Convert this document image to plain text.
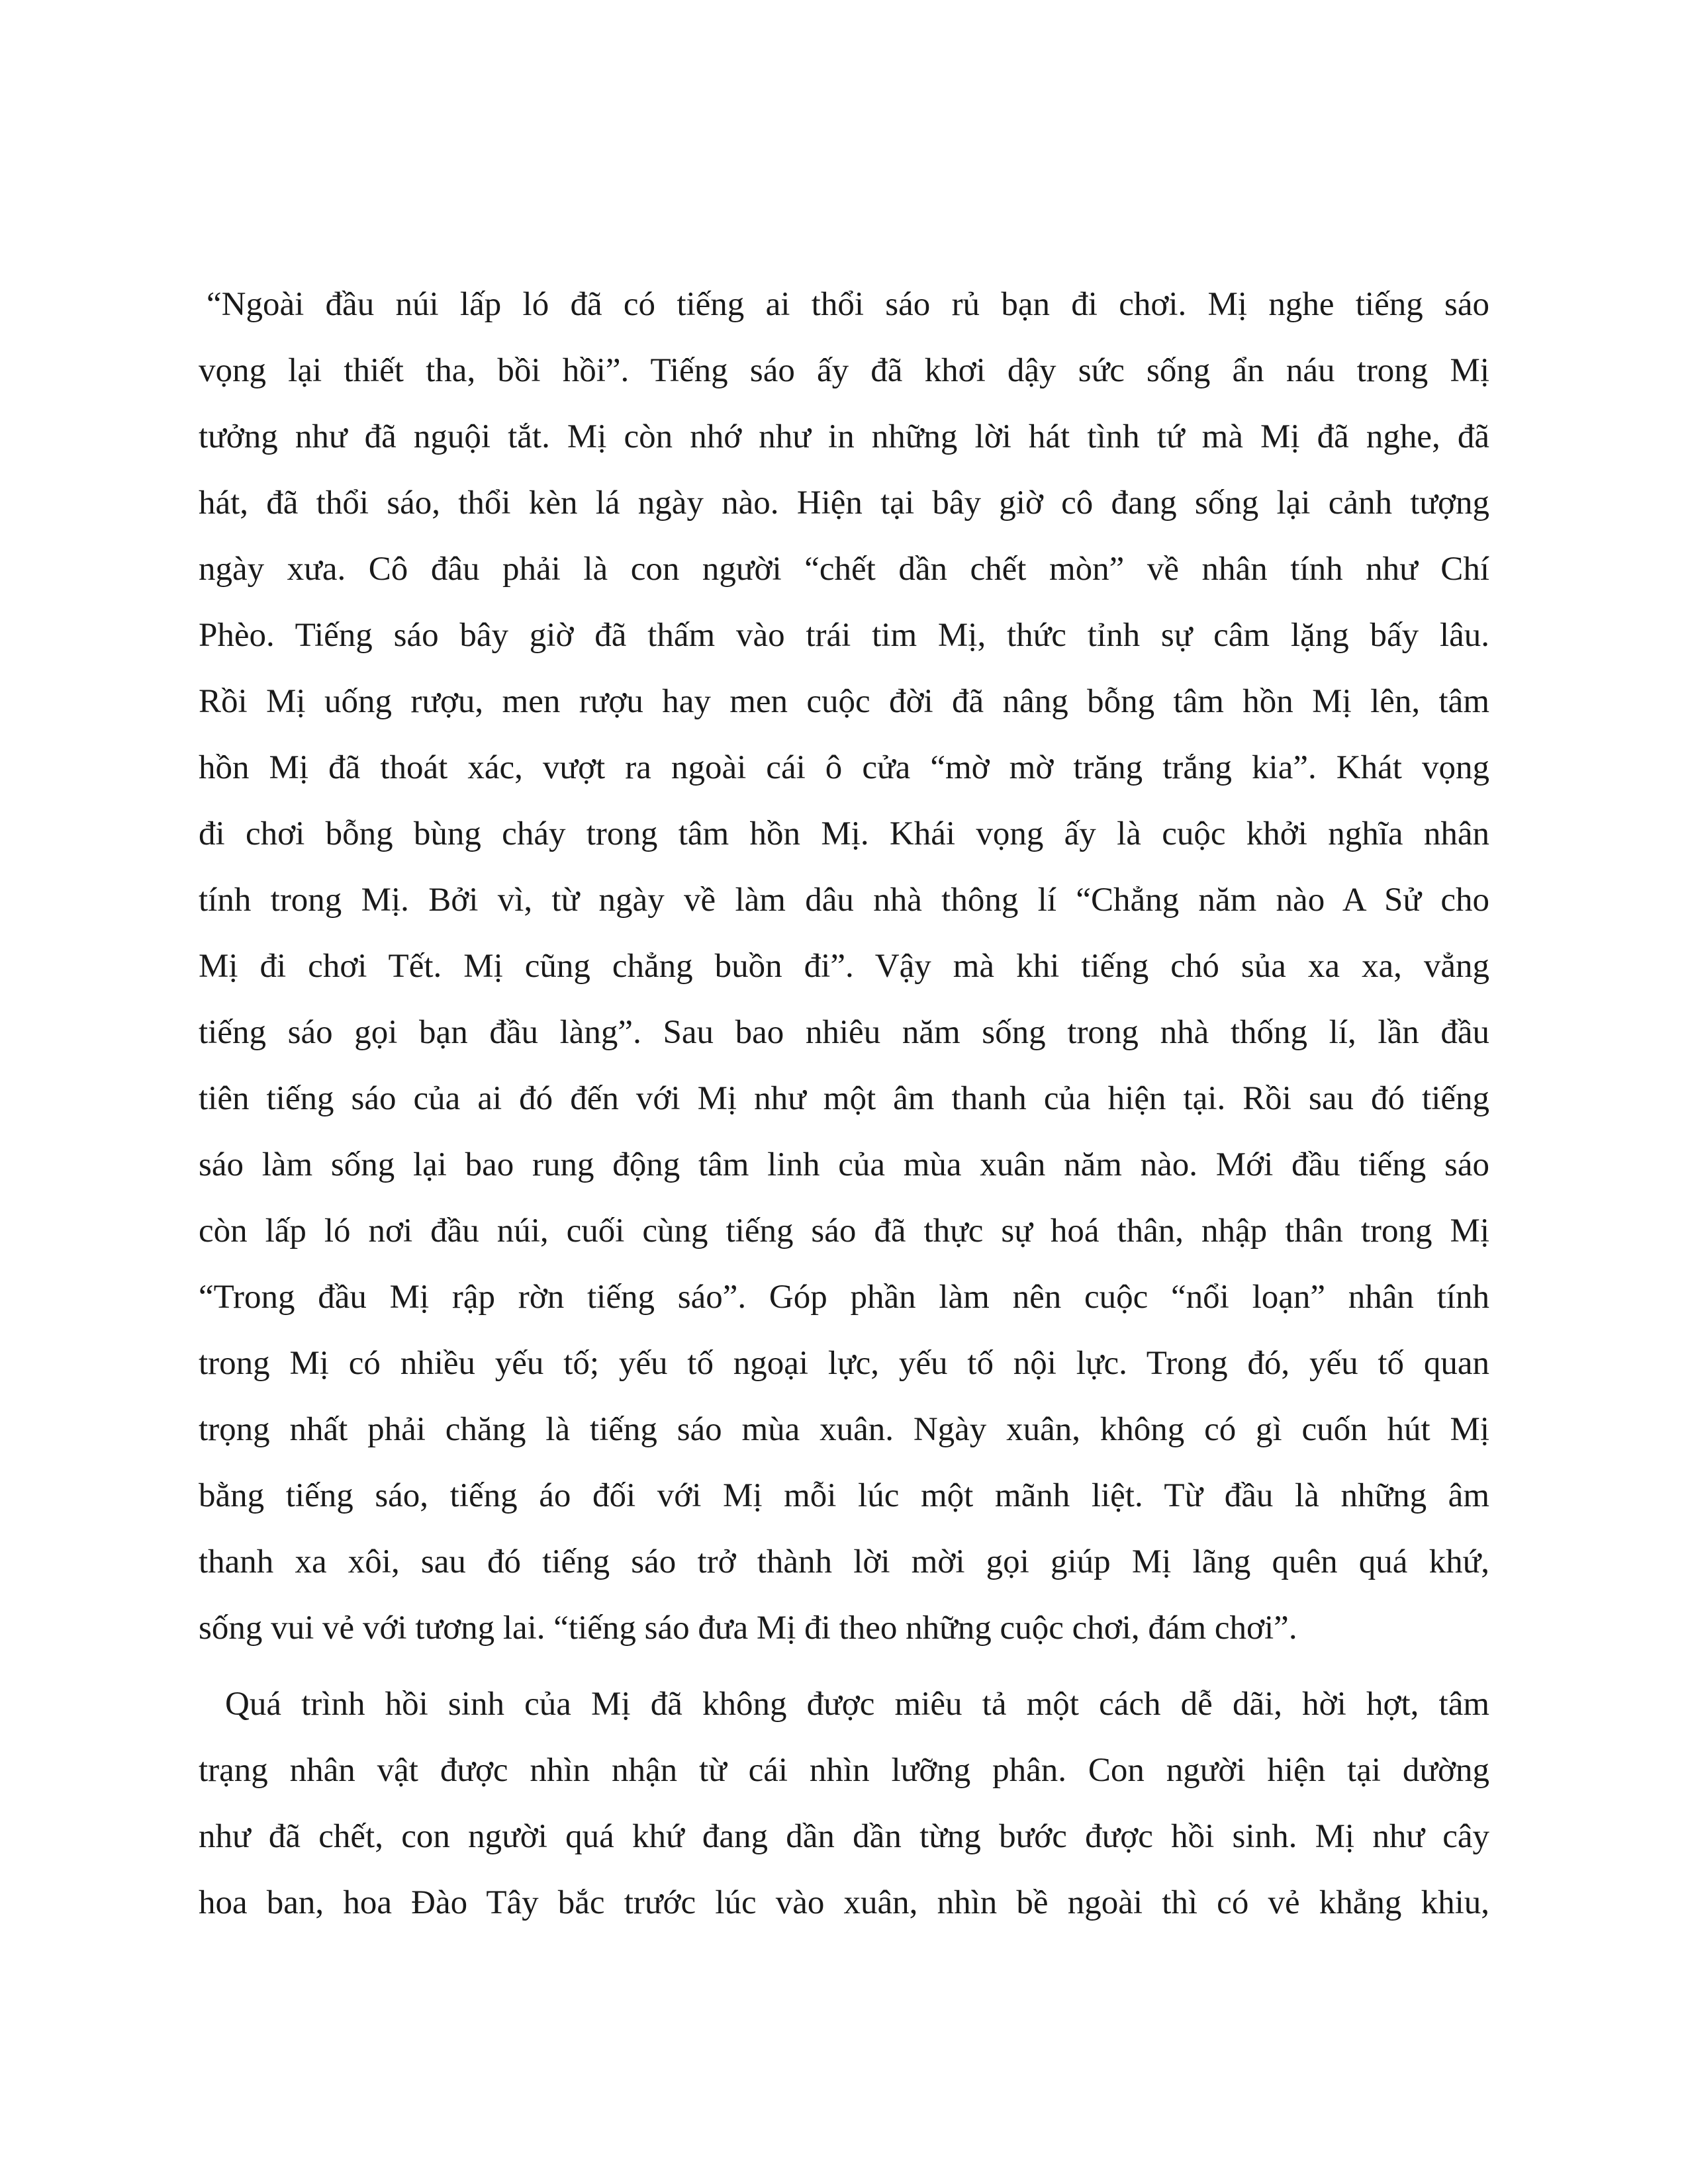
“Ngoài đầu núi lấp ló đã có tiếng ai thổi sáo rủ bạn đi chơi. Mị nghe tiếng sáo
vọng lại thiết tha, bồi hồi”. Tiếng sáo ấy đã khơi dậy sức sống ẩn náu trong Mị
tưởng như đã nguội tắt. Mị còn nhớ như in những lời hát tình tứ mà Mị đã nghe, đã
hát, đã thổi sáo, thổi kèn lá ngày nào. Hiện tại bây giờ cô đang sống lại cảnh tượng
ngày xưa. Cô đâu phải là con người “chết dần chết mòn” về nhân tính như Chí
Phèo. Tiếng sáo bây giờ đã thấm vào trái tim Mị, thức tỉnh sự câm lặng bấy lâu.
Rồi Mị uống rượu, men rượu hay men cuộc đời đã nâng bỗng tâm hồn Mị lên, tâm
hồn Mị đã thoát xác, vượt ra ngoài cái ô cửa “mờ mờ trăng trắng kia”. Khát vọng
đi chơi bỗng bùng cháy trong tâm hồn Mị. Khái vọng ấy là cuộc khởi nghĩa nhân
tính trong Mị. Bởi vì, từ ngày về làm dâu nhà thông lí “Chẳng năm nào A Sử cho
Mị đi chơi Tết. Mị cũng chẳng buồn đi”. Vậy mà khi tiếng chó sủa xa xa, vẳng
tiếng sáo gọi bạn đầu làng”. Sau bao nhiêu năm sống trong nhà thống lí, lần đầu
tiên tiếng sáo của ai đó đến với Mị như một âm thanh của hiện tại. Rồi sau đó tiếng
sáo làm sống lại bao rung động tâm linh của mùa xuân năm nào. Mới đầu tiếng sáo
còn lấp ló nơi đầu núi, cuối cùng tiếng sáo đã thực sự hoá thân, nhập thân trong Mị
“Trong đầu Mị rập rờn tiếng sáo”. Góp phần làm nên cuộc “nổi loạn” nhân tính
trong Mị có nhiều yếu tố; yếu tố ngoại lực, yếu tố nội lực. Trong đó, yếu tố quan
trọng nhất phải chăng là tiếng sáo mùa xuân. Ngày xuân, không có gì cuốn hút Mị
bằng tiếng sáo, tiếng áo đối với Mị mỗi lúc một mãnh liệt. Từ đầu là những âm
thanh xa xôi, sau đó tiếng sáo trở thành lời mời gọi giúp Mị lãng quên quá khứ,
sống vui vẻ với tương lai. “tiếng sáo đưa Mị đi theo những cuộc chơi, đám chơi”.
Quá trình hồi sinh của Mị đã không được miêu tả một cách dễ dãi, hời hợt, tâm
trạng nhân vật được nhìn nhận từ cái nhìn lưỡng phân. Con người hiện tại dường
như đã chết, con người quá khứ đang dần dần từng bước được hồi sinh. Mị như cây
hoa ban, hoa Đào Tây bắc trước lúc vào xuân, nhìn bề ngoài thì có vẻ khẳng khiu,
